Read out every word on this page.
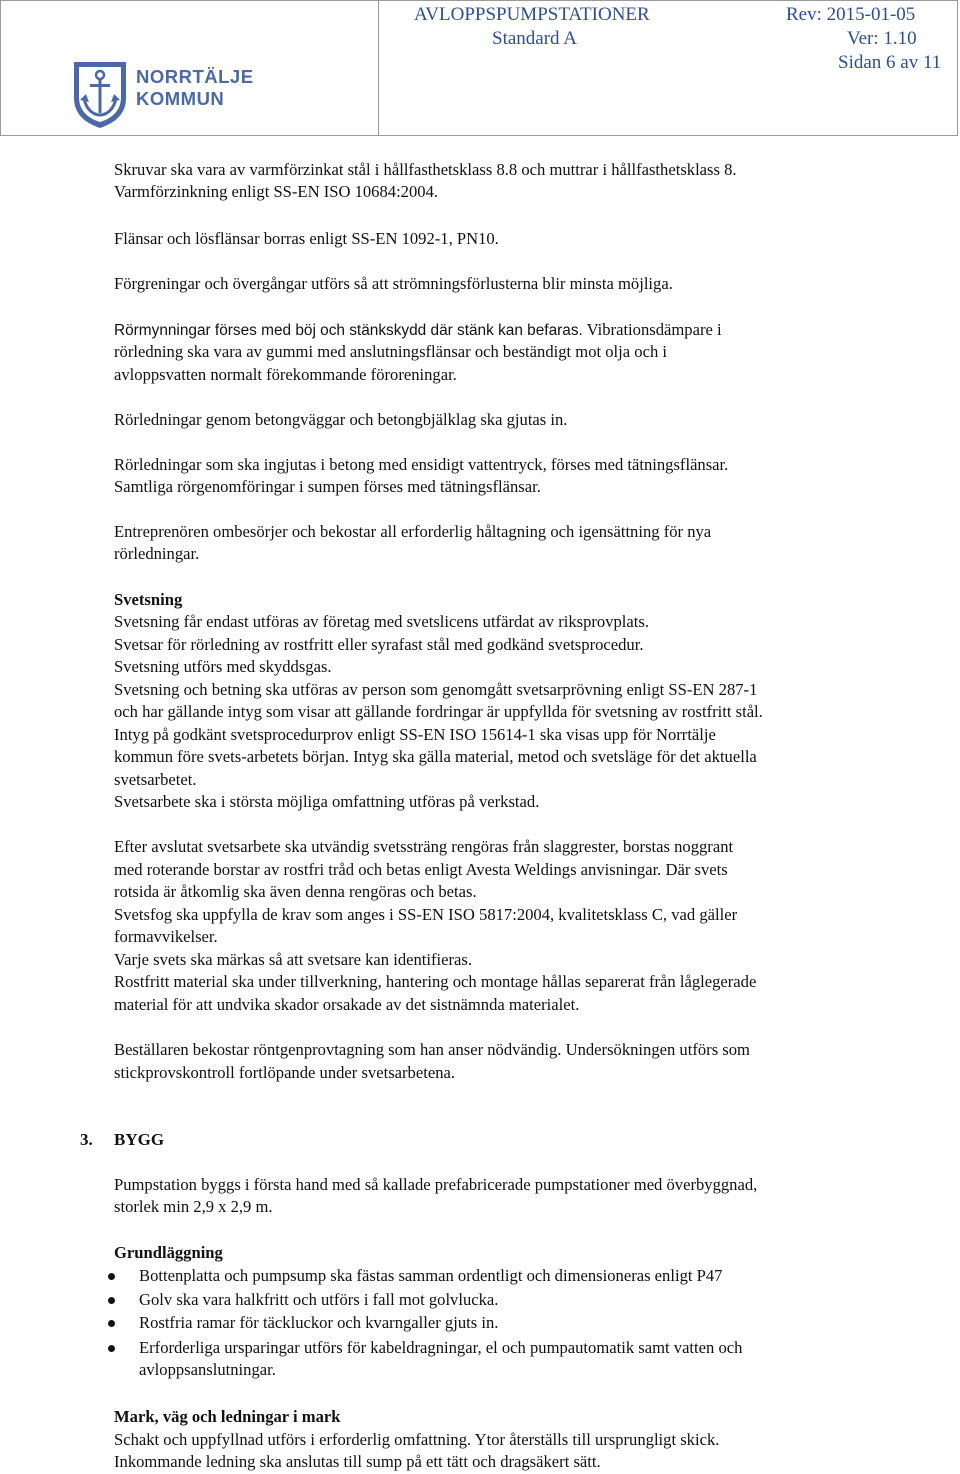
NORRTÄLJE
KOMMUN
AVLOPPSPUMPSTATIONER	Rev: 2015-01-05
Standard A	Ver: 1.10
Sidan 6 av 11
Skruvar ska vara av varmförzinkat stål i hållfasthetsklass 8.8 och muttrar i hållfasthetsklass 8.
Varmförzinkning enligt SS-EN ISO 10684:2004.
Flänsar och lösflänsar borras enligt SS-EN 1092-1, PN10.
Förgreningar och övergångar utförs så att strömningsförlusterna blir minsta möjliga.
Rörmynningar förses med böj och stänkskydd där stänk kan befaras. Vibrationsdämpare i
rörledning ska vara av gummi med anslutningsflänsar och beständigt mot olja och i
avloppsvatten normalt förekommande föroreningar.
Rörledningar genom betongväggar och betongbjälklag ska gjutas in.
Rörledningar som ska ingjutas i betong med ensidigt vattentryck, förses med tätningsflänsar.
Samtliga rörgenomföringar i sumpen förses med tätningsflänsar.
Entreprenören ombesörjer och bekostar all erforderlig håltagning och igensättning för nya
rörledningar.
Svetsning
Svetsning får endast utföras av företag med svetslicens utfärdat av riksprovplats.
Svetsar för rörledning av rostfritt eller syrafast stål med godkänd svetsprocedur.
Svetsning utförs med skyddsgas.
Svetsning och betning ska utföras av person som genomgått svetsarprövning enligt SS-EN 287-1
och har gällande intyg som visar att gällande fordringar är uppfyllda för svetsning av rostfritt stål.
Intyg på godkänt svetsprocedurprov enligt SS-EN ISO 15614-1 ska visas upp för Norrtälje
kommun före svets-arbetets början. Intyg ska gälla material, metod och svetsläge för det aktuella
svetsarbetet.
Svetsarbete ska i största möjliga omfattning utföras på verkstad.
Efter avslutat svetsarbete ska utvändig svetssträng rengöras från slaggrester, borstas noggrant
med roterande borstar av rostfri tråd och betas enligt Avesta Weldings anvisningar. Där svets
rotsida är åtkomlig ska även denna rengöras och betas.
Svetsfog ska uppfylla de krav som anges i SS-EN ISO 5817:2004, kvalitetsklass C, vad gäller
formavvikelser.
Varje svets ska märkas så att svetsare kan identifieras.
Rostfritt material ska under tillverkning, hantering och montage hållas separerat från låglegerade
material för att undvika skador orsakade av det sistnämnda materialet.
Beställaren bekostar röntgenprovtagning som han anser nödvändig. Undersökningen utförs som
stickprovskontroll fortlöpande under svetsarbetena.
Pumpstation byggs i första hand med så kallade prefabricerade pumpstationer med överbyggnad,
storlek min 2,9 x 2,9 m.
Grundläggning
Mark, väg och ledningar i mark
Schakt och uppfyllnad utförs i erforderlig omfattning. Ytor återställs till ursprungligt skick.
Inkommande ledning ska anslutas till sump på ett tätt och dragsäkert sätt.
3. BYGG
Bottenplatta och pumpsump ska fästas samman ordentligt och dimensioneras enligt P47
Golv ska vara halkfritt och utförs i fall mot golvlucka.
Rostfria ramar för täckluckor och kvarngaller gjuts in.
Erforderliga ursparingar utförs för kabeldragningar, el och pumpautomatik samt vatten och
avloppsanslutningar.
